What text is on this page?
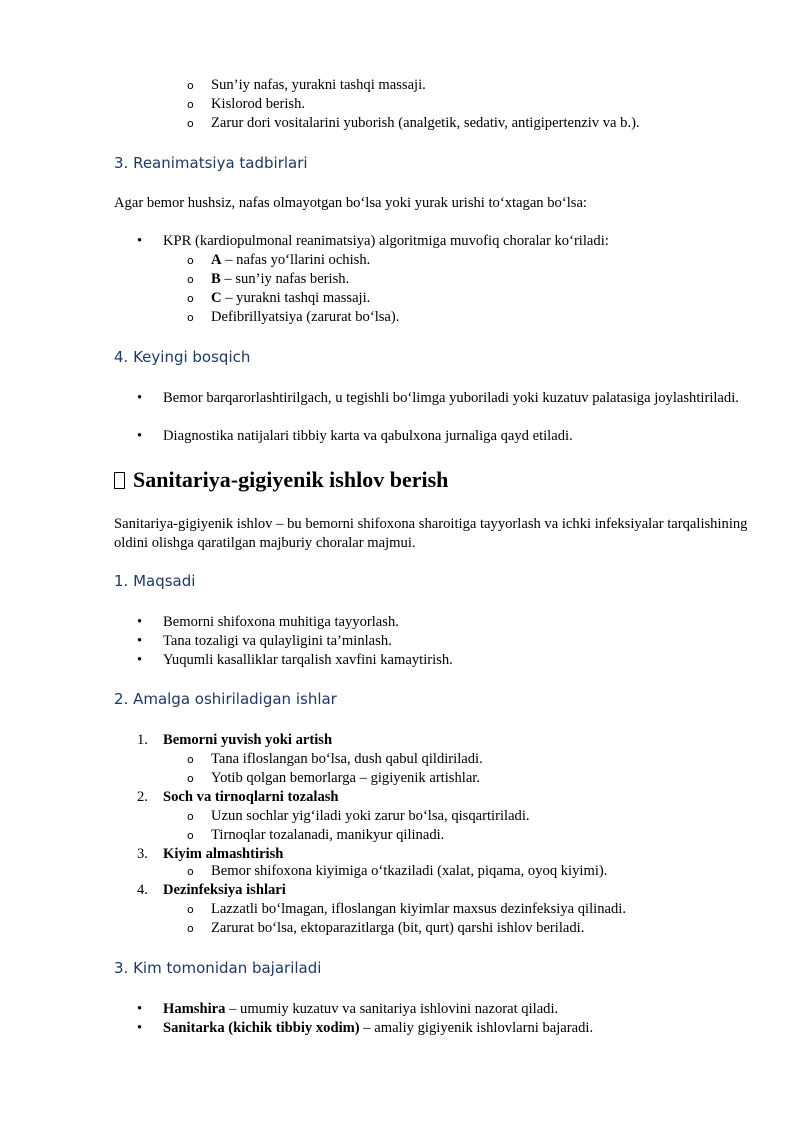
o Sun’iy nafas, yurakni tashqi massaji.
o Kislorod berish.
o Zarur dori vositalarini yuborish (analgetik, sedativ, antigipertenziv va b.).
3. Reanimatsiya tadbirlari
Agar bemor hushsiz, nafas olmayotgan bo‘lsa yoki yurak urishi to‘xtagan bo‘lsa:
•	KPR (kardiopulmonal reanimatsiya) algoritmiga muvofiq choralar ko‘riladi:
o A – nafas yo‘llarini ochish.
o B – sun’iy nafas berish.
o C – yurakni tashqi massaji.
o Defibrillyatsiya (zarurat bo‘lsa).
4. Keyingi bosqich
•	Bemor barqarorlashtirilgach, u tegishli bo‘limga yuboriladi yoki kuzatuv palatasiga joylashtiriladi.
•	Diagnostika natijalari tibbiy karta va qabulxona jurnaliga qayd etiladi.
Sanitariya-gigiyenik ishlov berish
Sanitariya-gigiyenik ishlov – bu bemorni shifoxona sharoitiga tayyorlash va ichki infeksiyalar tarqalishining oldini olishga qaratilgan majburiy choralar majmui.
1. Maqsadi
•	Bemorni shifoxona muhitiga tayyorlash.
•	Tana tozaligi va qulayligini ta’minlash.
•	Yuqumli kasalliklar tarqalish xavfini kamaytirish.
2. Amalga oshiriladigan ishlar
1.	Bemorni yuvish yoki artish
o Tana ifloslangan bo‘lsa, dush qabul qildiriladi.
o Yotib qolgan bemorlarga – gigiyenik artishlar.
2.	Soch va tirnoqlarni tozalash
o Uzun sochlar yig‘iladi yoki zarur bo‘lsa, qisqartiriladi.
o Tirnoqlar tozalanadi, manikyur qilinadi.
3.	Kiyim almashtirish
o Bemor shifoxona kiyimiga o‘tkaziladi (xalat, piqama, oyoq kiyimi).
4.	Dezinfeksiya ishlari
o Lazzatli bo‘lmagan, ifloslangan kiyimlar maxsus dezinfeksiya qilinadi.
o Zarurat bo‘lsa, ektoparazitlarga (bit, qurt) qarshi ishlov beriladi.
3. Kim tomonidan bajariladi
•	Hamshira – umumiy kuzatuv va sanitariya ishlovini nazorat qiladi.
•	Sanitarka (kichik tibbiy xodim) – amaliy gigiyenik ishlovlarni bajaradi.
